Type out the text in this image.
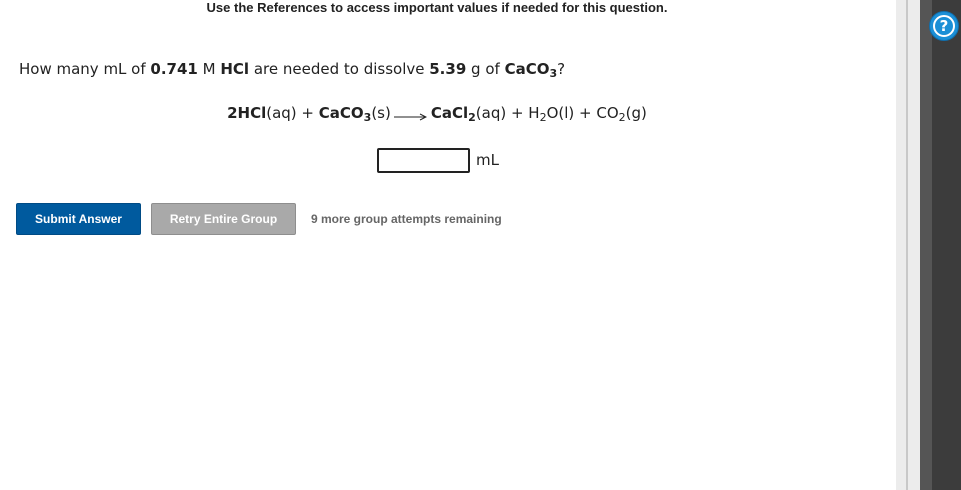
Use the References to access important values if needed for this question.
How many mL of 0.741 M HCl are needed to dissolve 5.39 g of CaCO$_3$?
2HCl(aq) + CaCO$_3$(s) → CaCl$_2$(aq) + $H_2O(l) + CO_2(g)$
mL
Submit Answer	Retry Entire Group	9 more group attempts remaining
?
